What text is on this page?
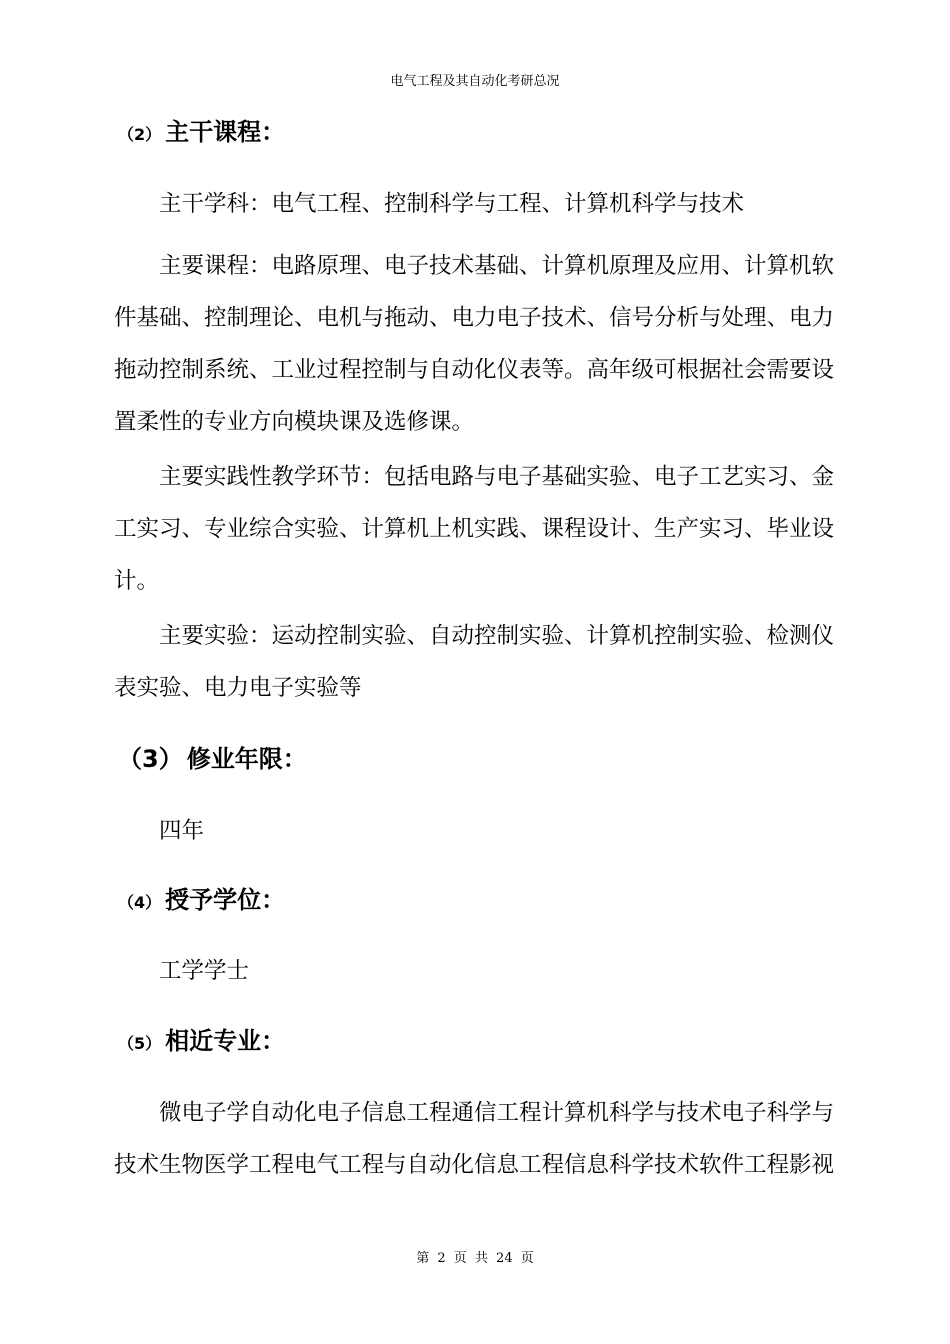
电气工程及其自动化考研总况
（2） 主干课程：

主干学科：电气工程、控制科学与工程、计算机科学与技术

主要课程：电路原理、电子技术基础、计算机原理及应用、计算机软件基础、控制理论、电机与拖动、电力电子技术、信号分析与处理、电力拖动控制系统、工业过程控制与自动化仪表等。高年级可根据社会需要设置柔性的专业方向模块课及选修课。

主要实践性教学环节：包括电路与电子基础实验、电子工艺实习、金工实习、专业综合实验、计算机上机实践、课程设计、生产实习、毕业设计。

主要实验：运动控制实验、自动控制实验、计算机控制实验、检测仪表实验、电力电子实验等

（3） 修业年限：

四年

（4） 授予学位：

工学学士

（5） 相近专业：

微电子学自动化电子信息工程通信工程计算机科学与技术电子科学与技术生物医学工程电气工程与自动化信息工程信息科学技术软件工程影视

第 2 页 共 24 页
